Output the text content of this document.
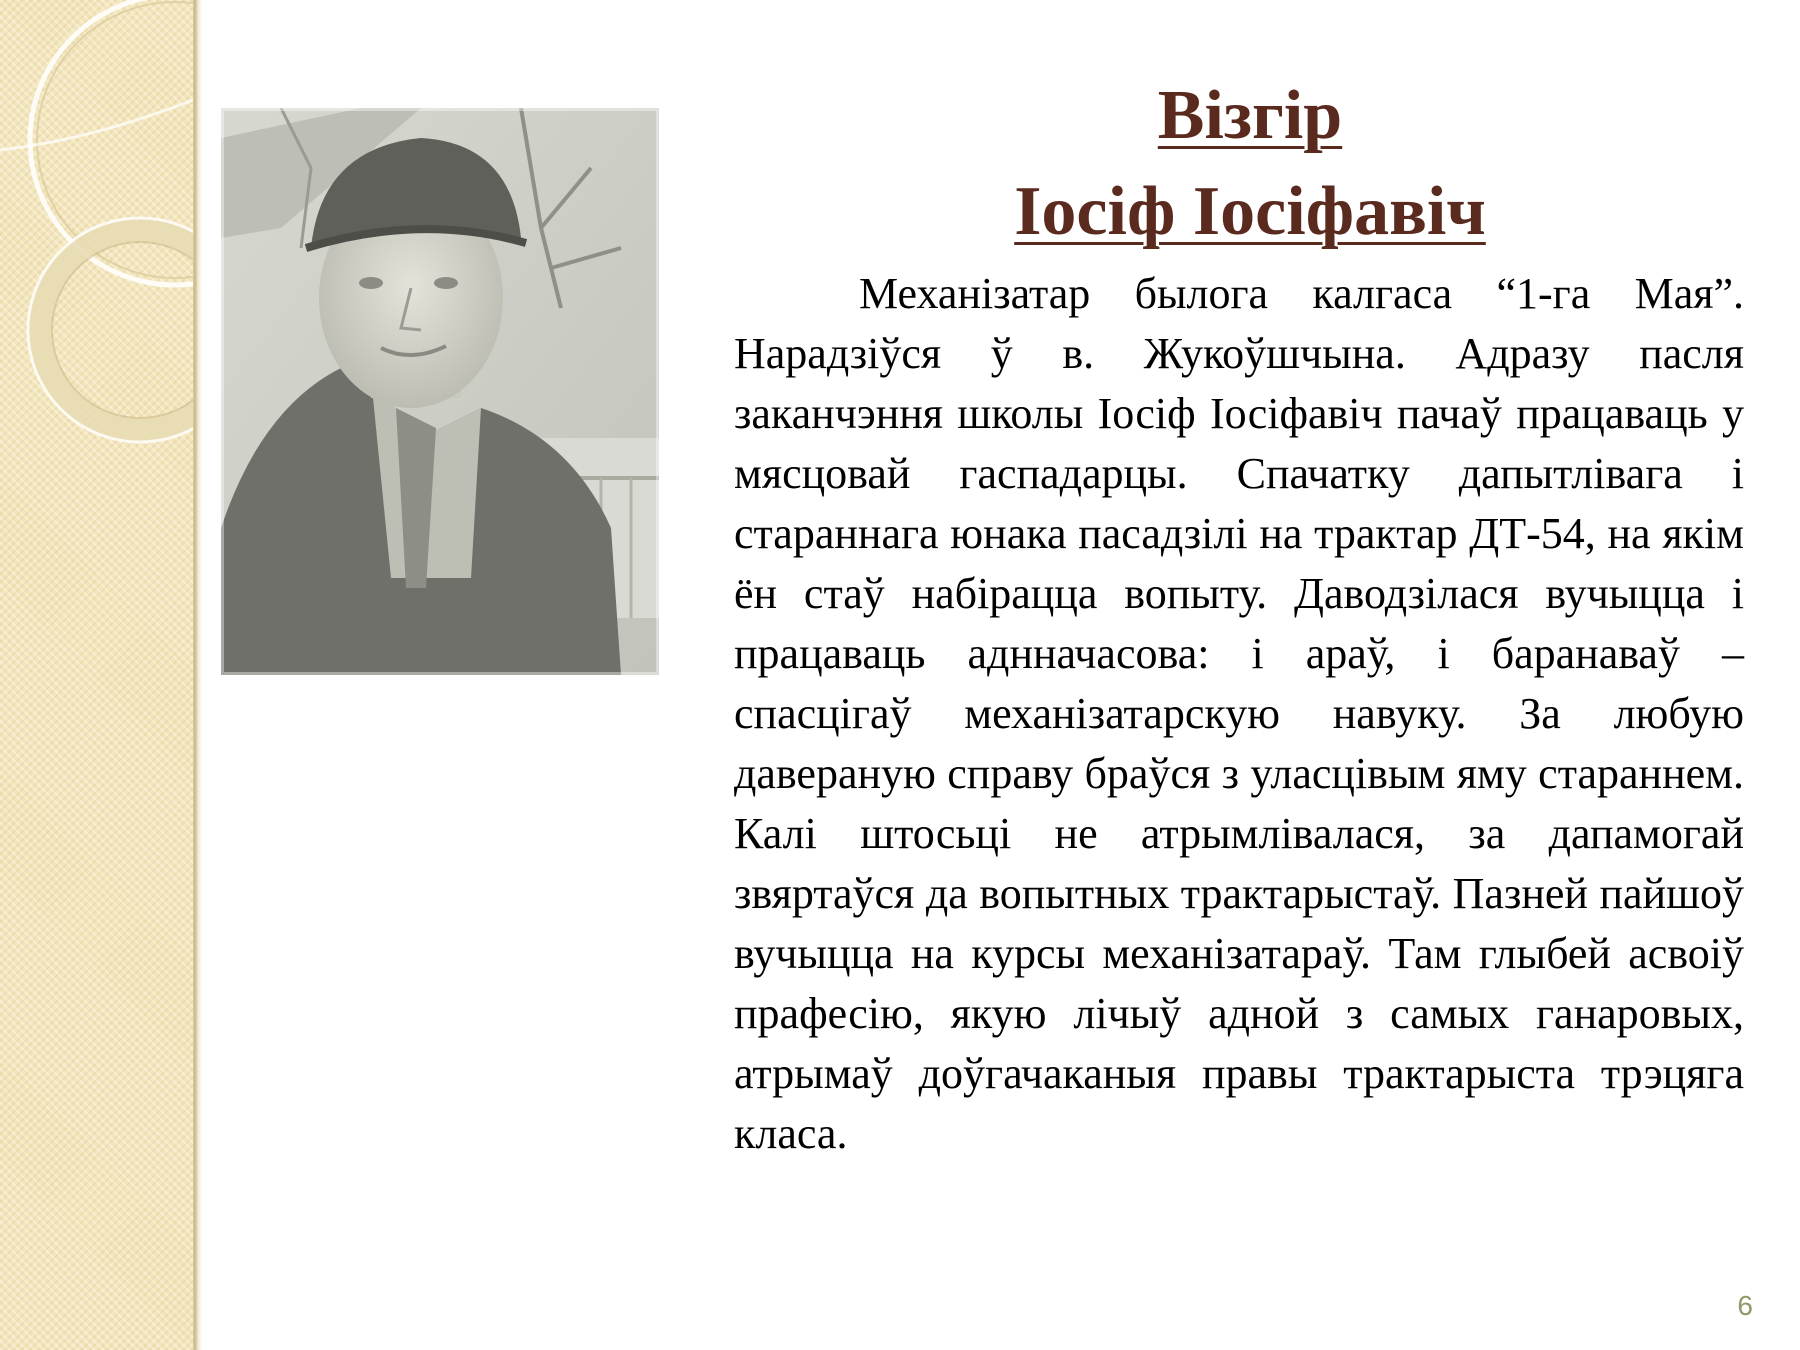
Візгір
Іосіф Іосіфавіч

Механізатар былога калгаса “1-га Мая”. Нарадзіўся ў в. Жукоўшчына. Адразу пасля заканчэння школы Іосіф Іосіфавіч пачаў працаваць у мясцовай гаспадарцы. Спачатку дапытлівага і стараннага юнака пасадзілі на трактар ДТ-54, на якім ён стаў набірацца вопыту. Даводзілася вучыцца і працаваць аднначасова: і араў, і баранаваў – спасцігаў механізатарскую навуку. За любую давераную справу браўся з уласцівым яму стараннем. Калі штосьці не атрымлівалася, за дапамогай звяртаўся да вопытных трактарыстаў. Пазней пайшоў вучыцца на курсы механізатараў. Там глыбей асвоіў прафесію, якую лічыў адной з самых ганаровых, атрымаў доўгачаканыя правы трактарыста трэцяга класа.

6
